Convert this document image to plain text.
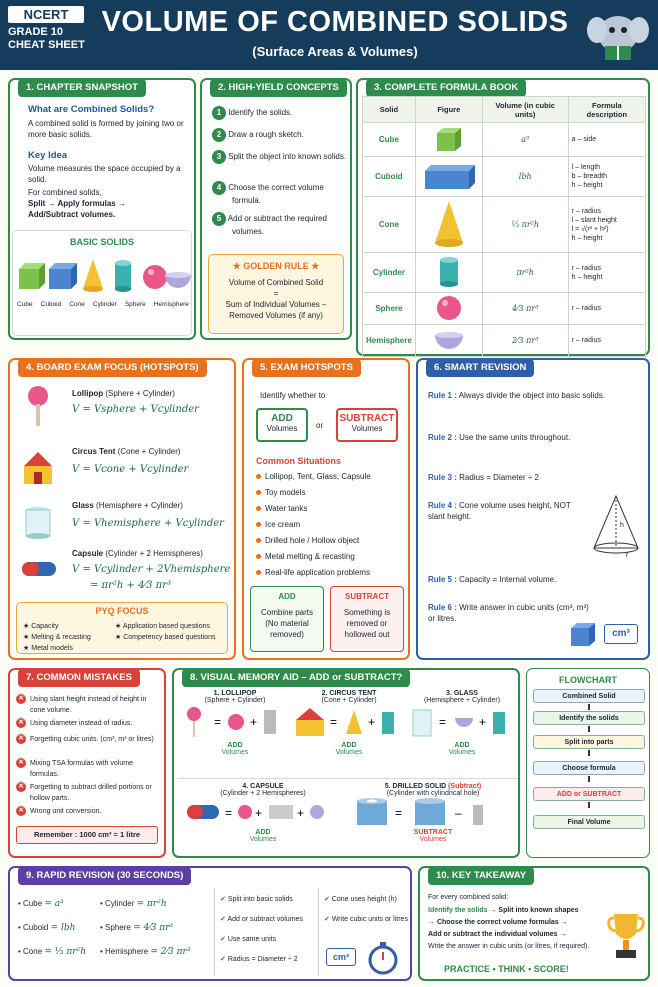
NCERT
GRADE 10
CHEAT SHEET
VOLUME OF COMBINED SOLIDS
(Surface Areas & Volumes)
1. CHAPTER SNAPSHOT
What are Combined Solids?
A combined solid is formed by joining two or more basic solids.
Key Idea
Volume measures the space occupied by a solid.
For combined solids,
Split → Apply formulas →
Add/Subtract volumes.
BASIC SOLIDS
Cube Cuboid Cone Cylinder Sphere Hemisphere
2. HIGH-YIELD CONCEPTS
1 Identify the solids.
2 Draw a rough sketch.
3 Split the object into known solids.
4 Choose the correct volume formula.
5 Add or subtract the required volumes.
★ GOLDEN RULE ★
Volume of Combined Solid
=
Sum of Individual Volumes –
Removed Volumes (if any)
3. COMPLETE FORMULA BOOK
Solid	Figure	Volume (in cubic units)	Formula description
Cube		a³	a – side

Cuboid		lbh	l – length
b – breadth
h – height

Cone		⅓ πr²h	r – radius
l – slant height
l = √(r² + h²)
h – height

Cylinder		πr²h	r – radius
h – height

Sphere		4⁄3 πr³	r – radius

Hemisphere		2⁄3 πr³	r – radius
4. BOARD EXAM FOCUS (HOTSPOTS)
Lollipop (Sphere + Cylinder)
V = Vsphere + Vcylinder
Circus Tent (Cone + Cylinder)
V = Vcone + Vcylinder
Glass (Hemisphere + Cylinder)
V = Vhemisphere + Vcylinder
Capsule (Cylinder + 2 Hemispheres)
V = Vcylinder + 2Vhemisphere
= πr²h + 4⁄3 πr³
PYQ FOCUS
★ Capacity	★ Application based questions
★ Melting & recasting	★ Competency based questions
★ Metal models
5. EXAM HOTSPOTS
Identify whether to
ADD
Volumes	or
SUBTRACT
Volumes
Common Situations
Lollipop, Tent, Glass, Capsule
Toy models
Water tanks
Ice cream
Drilled hole / Hollow object
Metal melting & recasting
Real-life application problems
ADD
Combine parts (No material removed)
SUBTRACT
Something is removed or hollowed out
6. SMART REVISION
Rule 1 : Always divide the object into basic solids.
Rule 2 : Use the same units throughout.
Rule 3 : Radius = Diameter ÷ 2
Rule 4 : Cone volume uses height, NOT slant height.
h
r
Rule 5 : Capacity = Internal volume.
Rule 6 : Write answer in cubic units (cm³, m³) or litres.
cm³
7. COMMON MISTAKES
✕ Using slant height instead of height in cone volume.
✕ Using diameter instead of radius.
✕ Forgetting cubic units. (cm³, m³ or litres)
✕ Mixing TSA formulas with volume formulas.
✕ Forgetting to subtract drilled portions or hollow parts.
✕ Wrong unit conversion.
Remember : 1000 cm³ = 1 litre
8. VISUAL MEMORY AID – ADD or SUBTRACT?
1. LOLLIPOP
(Sphere + Cylinder)
= +
ADD
Volumes
2. CIRCUS TENT
(Cone + Cylinder)
=	+
ADD
Volumes
3. GLASS
(Hemisphere + Cylinder)
=	+
ADD
Volumes
4. CAPSULE
(Cylinder + 2 Hemispheres)
= +	+
ADD
Volumes
5. DRILLED SOLID (Subtract)
(Cylinder with cylindrical hole)
=	–
SUBTRACT
Volumes
FLOWCHART
Combined Solid
Identify the solids
Split into parts
Choose formula
ADD or SUBTRACT
Final Volume
9. RAPID REVISION (30 SECONDS)
• Cube = a³	• Cylinder = πr²h
• Cuboid = lbh	• Sphere = 4⁄3 πr³
• Cone = ⅓ πr²h • Hemisphere = 2⁄3 πr³
✔ Split into basic solids
✔ Add or subtract volumes
✔ Use same units
✔ Radius = Diameter ÷ 2
✔ Cone uses height (h)
✔ Write cubic units or litres
cm³
10. KEY TAKEAWAY
For every combined solid:
Identify the solids → Split into known shapes
→ Choose the correct volume formulas →
Add or subtract the individual volumes →
Write the answer in cubic units (or litres, if required).
PRACTICE • THINK • SCORE!
